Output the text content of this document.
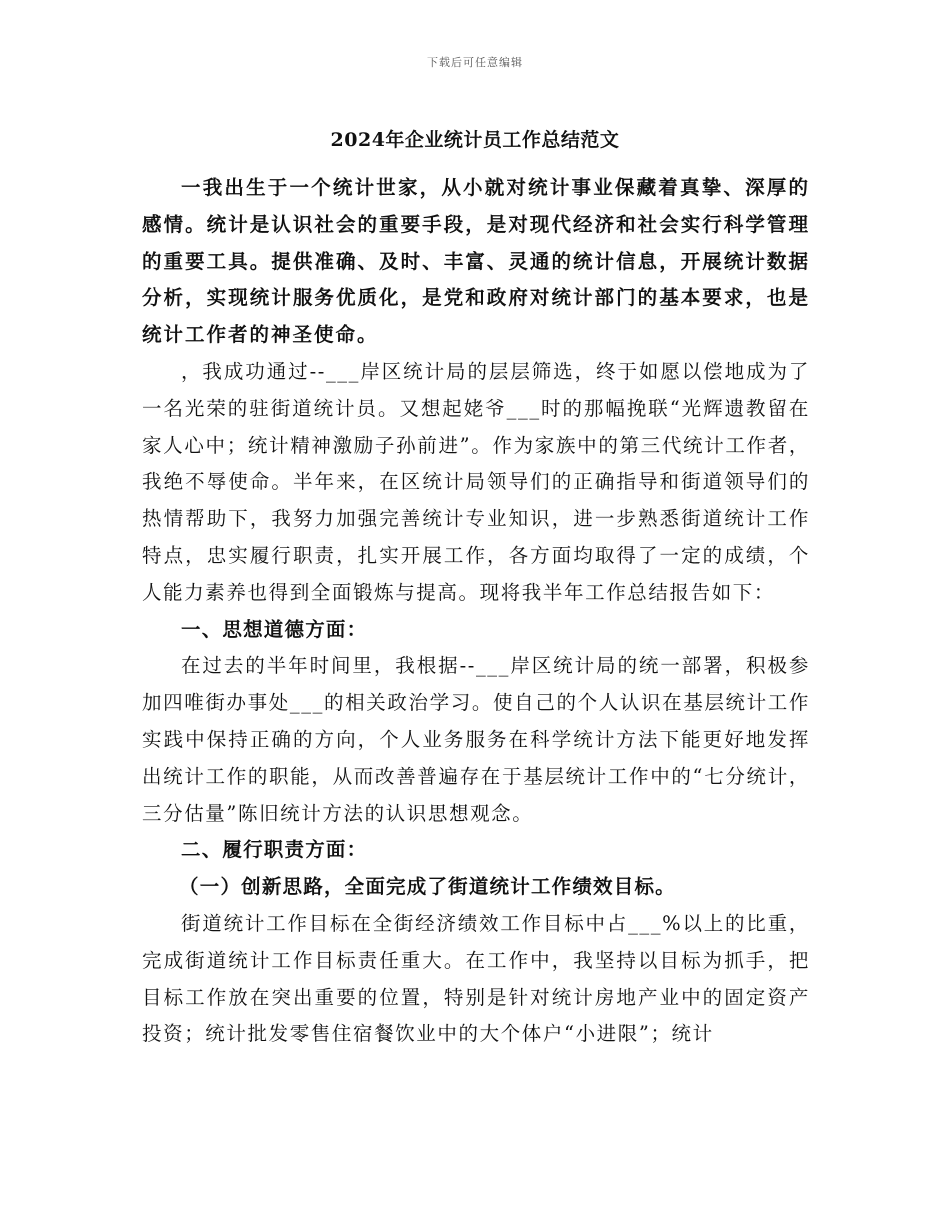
下载后可任意编辑
2024年企业统计员工作总结范文

一我出生于一个统计世家，从小就对统计事业保藏着真挚、深厚的感情。统计是认识社会的重要手段，是对现代经济和社会实行科学管理的重要工具。提供准确、及时、丰富、灵通的统计信息，开展统计数据分析，实现统计服务优质化，是党和政府对统计部门的基本要求，也是统计工作者的神圣使命。

，我成功通过--___岸区统计局的层层筛选，终于如愿以偿地成为了一名光荣的驻街道统计员。又想起姥爷___时的那幅挽联“光辉遗教留在家人心中；统计精神激励子孙前进”。作为家族中的第三代统计工作者，我绝不辱使命。半年来，在区统计局领导们的正确指导和街道领导们的热情帮助下，我努力加强完善统计专业知识，进一步熟悉街道统计工作特点，忠实履行职责，扎实开展工作，各方面均取得了一定的成绩，个人能力素养也得到全面锻炼与提高。现将我半年工作总结报告如下：

一、思想道德方面：

在过去的半年时间里，我根据--___岸区统计局的统一部署，积极参加四唯街办事处___的相关政治学习。使自己的个人认识在基层统计工作实践中保持正确的方向，个人业务服务在科学统计方法下能更好地发挥出统计工作的职能，从而改善普遍存在于基层统计工作中的“七分统计，三分估量”陈旧统计方法的认识思想观念。

二、履行职责方面：

（一）创新思路，全面完成了街道统计工作绩效目标。

街道统计工作目标在全街经济绩效工作目标中占___%以上的比重，完成街道统计工作目标责任重大。在工作中，我坚持以目标为抓手，把目标工作放在突出重要的位置，特别是针对统计房地产业中的固定资产投资；统计批发零售住宿餐饮业中的大个体户“小进限”；统计
